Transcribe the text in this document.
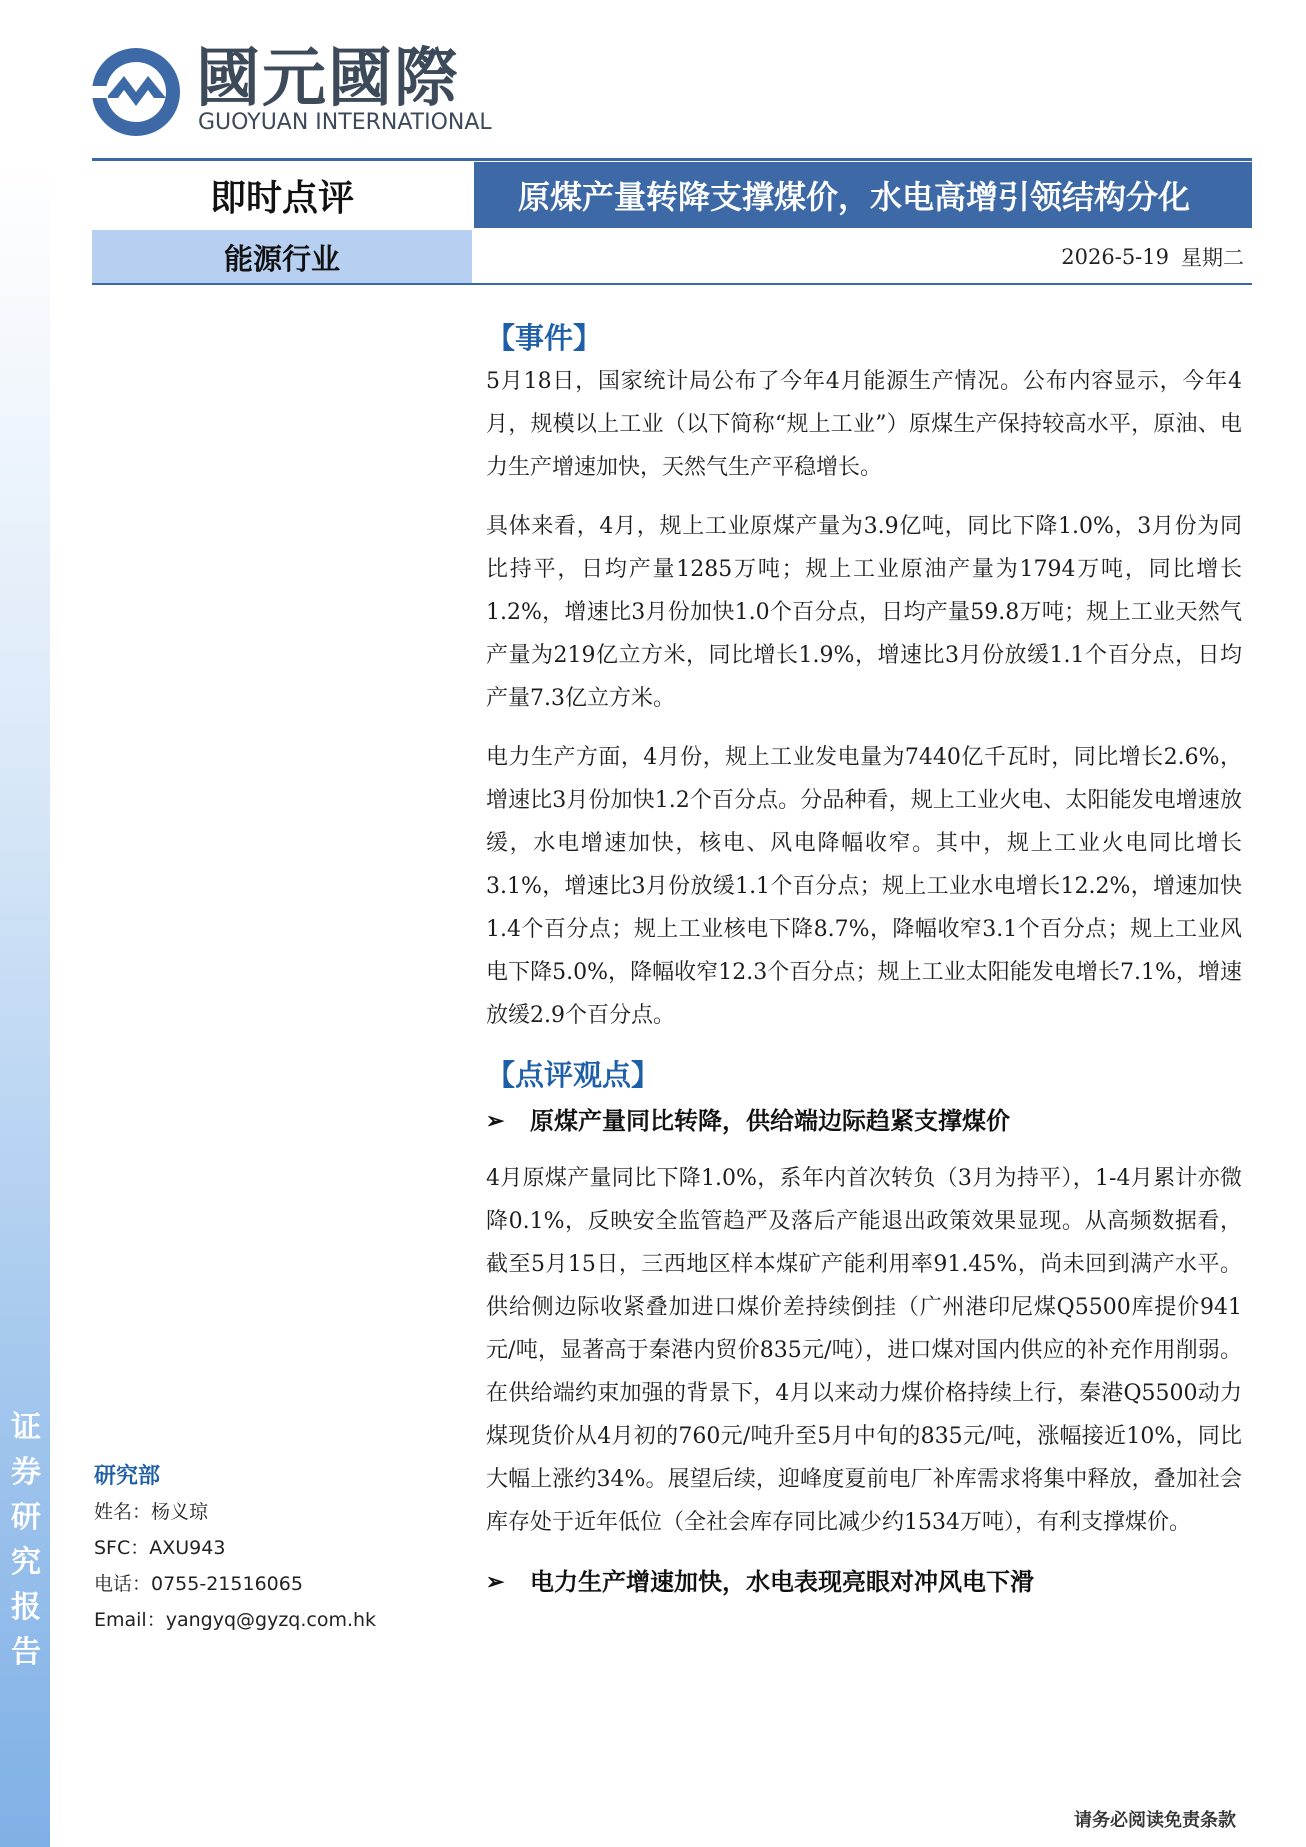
证券研究报告
國元國際
GUOYUAN INTERNATIONAL
即时点评	原煤产量转降支撑煤价，水电高增引领结构分化
能源行业	2026-5-19 星期二
【事件】

5月18日，国家统计局公布了今年4月能源生产情况。公布内容显示，今年4月，规模以上工业（以下简称“规上工业”）原煤生产保持较高水平，原油、电力生产增速加快，天然气生产平稳增长。

具体来看，4月，规上工业原煤产量为3.9亿吨，同比下降1.0%，3月份为同比持平，日均产量1285万吨；规上工业原油产量为1794万吨，同比增长1.2%，增速比3月份加快1.0个百分点，日均产量59.8万吨；规上工业天然气产量为219亿立方米，同比增长1.9%，增速比3月份放缓1.1个百分点，日均产量7.3亿立方米。

电力生产方面，4月份，规上工业发电量为7440亿千瓦时，同比增长2.6%，增速比3月份加快1.2个百分点。分品种看，规上工业火电、太阳能发电增速放缓，水电增速加快，核电、风电降幅收窄。其中，规上工业火电同比增长3.1%，增速比3月份放缓1.1个百分点；规上工业水电增长12.2%，增速加快1.4个百分点；规上工业核电下降8.7%，降幅收窄3.1个百分点；规上工业风电下降5.0%，降幅收窄12.3个百分点；规上工业太阳能发电增长7.1%，增速放缓2.9个百分点。

【点评观点】
➢	原煤产量同比转降，供给端边际趋紧支撑煤价

4月原煤产量同比下降1.0%，系年内首次转负（3月为持平），1-4月累计亦微降0.1%，反映安全监管趋严及落后产能退出政策效果显现。从高频数据看，截至5月15日，三西地区样本煤矿产能利用率91.45%，尚未回到满产水平。供给侧边际收紧叠加进口煤价差持续倒挂（广州港印尼煤Q5500库提价941元/吨，显著高于秦港内贸价835元/吨），进口煤对国内供应的补充作用削弱。在供给端约束加强的背景下，4月以来动力煤价格持续上行，秦港Q5500动力煤现货价从4月初的760元/吨升至5月中旬的835元/吨，涨幅接近10%，同比大幅上涨约34%。展望后续，迎峰度夏前电厂补库需求将集中释放，叠加社会库存处于近年低位（全社会库存同比减少约1534万吨），有利支撑煤价。

➢	电力生产增速加快，水电表现亮眼对冲风电下滑
研究部
姓名：杨义琼
SFC：AXU943
电话：0755-21516065
Email：yangyq@gyzq.com.hk
请务必阅读免责条款
